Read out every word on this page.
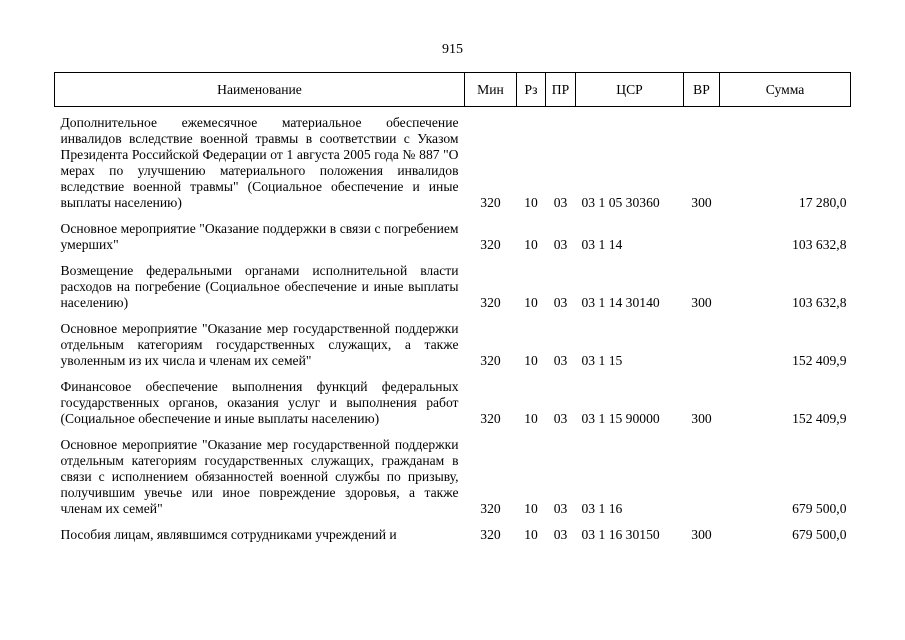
915
Наименование	Мин	Рз	ПР	ЦСР	ВР	Сумма
Дополнительное ежемесячное материальное обеспечение инвалидов вследствие военной травмы в соответствии с Указом Президента Российской Федерации от 1 августа 2005 года № 887 "О мерах по улучшению материального положения инвалидов вследствие военной травмы" (Социальное обеспечение и иные выплаты населению)	320	10	03	03 1 05 30360	300	17 280,0

Основное мероприятие "Оказание поддержки в связи с погребением умерших"	320	10	03	03 1 14		103 632,8

Возмещение федеральными органами исполнительной власти расходов на погребение (Социальное обеспечение и иные выплаты населению)	320	10	03	03 1 14 30140	300	103 632,8

Основное мероприятие "Оказание мер государственной поддержки отдельным категориям государственных служащих, а также уволенным из их числа и членам их семей"	320	10	03	03 1 15		152 409,9

Финансовое обеспечение выполнения функций федеральных государственных органов, оказания услуг и выполнения работ (Социальное обеспечение и иные выплаты населению)	320	10	03	03 1 15 90000	300	152 409,9

Основное мероприятие "Оказание мер государственной поддержки отдельным категориям государственных служащих, гражданам в связи с исполнением обязанностей военной службы по призыву, получившим увечье или иное повреждение здоровья, а также членам их семей"	320	10	03	03 1 16		679 500,0

Пособия лицам, являвшимся сотрудниками учреждений и	320	10	03	03 1 16 30150	300	679 500,0
